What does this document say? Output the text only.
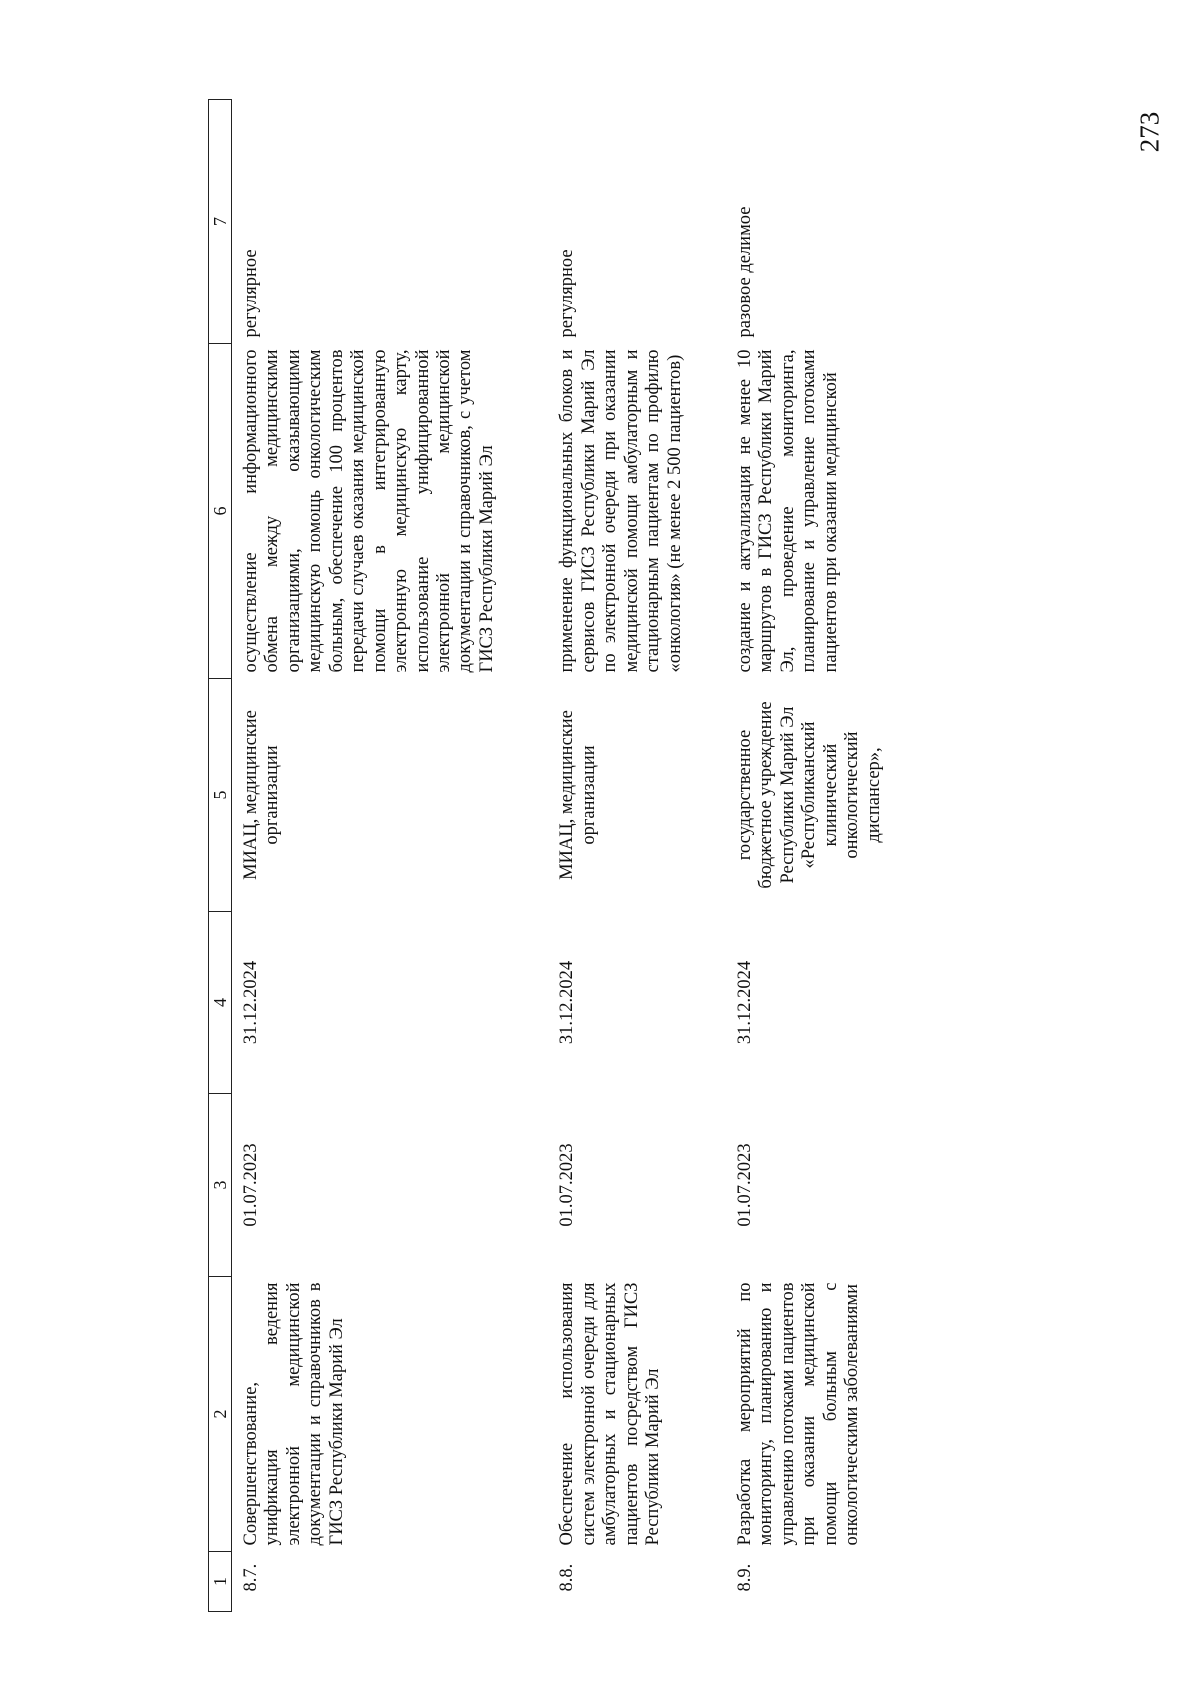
273
1	2	3	4	5	6	7
8.7.	Совершенствование, унификация ведения электронной медицинской документации и справочников в ГИСЗ Республики Марий Эл	01.07.2023	31.12.2024	МИАЦ, медицинские организации	осуществление информационного обмена между медицинскими организациями, оказывающими медицинскую помощь онкологическим больным, обеспечение 100 процентов передачи случаев оказания медицинской помощи в интегрированную электронную медицинскую карту, использование унифицированной электронной медицинской документации и справочников, с учетом ГИСЗ Республики Марий Эл	регулярное

8.8.	Обеспечение использования систем электронной очереди для амбулаторных и стационарных пациентов посредством ГИСЗ Республики Марий Эл	01.07.2023	31.12.2024	МИАЦ, медицинские организации	применение функциональных блоков и сервисов ГИСЗ Республики Марий Эл по электронной очереди при оказании медицинской помощи амбулаторным и стационарным пациентам по профилю «онкология» (не менее 2 500 пациентов)	регулярное

8.9.	Разработка мероприятий по мониторингу, планированию и управлению потоками пациентов при оказании медицинской помощи больным с онкологическими заболеваниями	01.07.2023	31.12.2024	государственное бюджетное учреждение Республики Марий Эл «Республиканский клинический онкологический диспансер»,	создание и актуализация не менее 10 маршрутов в ГИСЗ Республики Марий Эл, проведение мониторинга, планирование и управление потоками пациентов при оказании медицинской	разовое делимое
